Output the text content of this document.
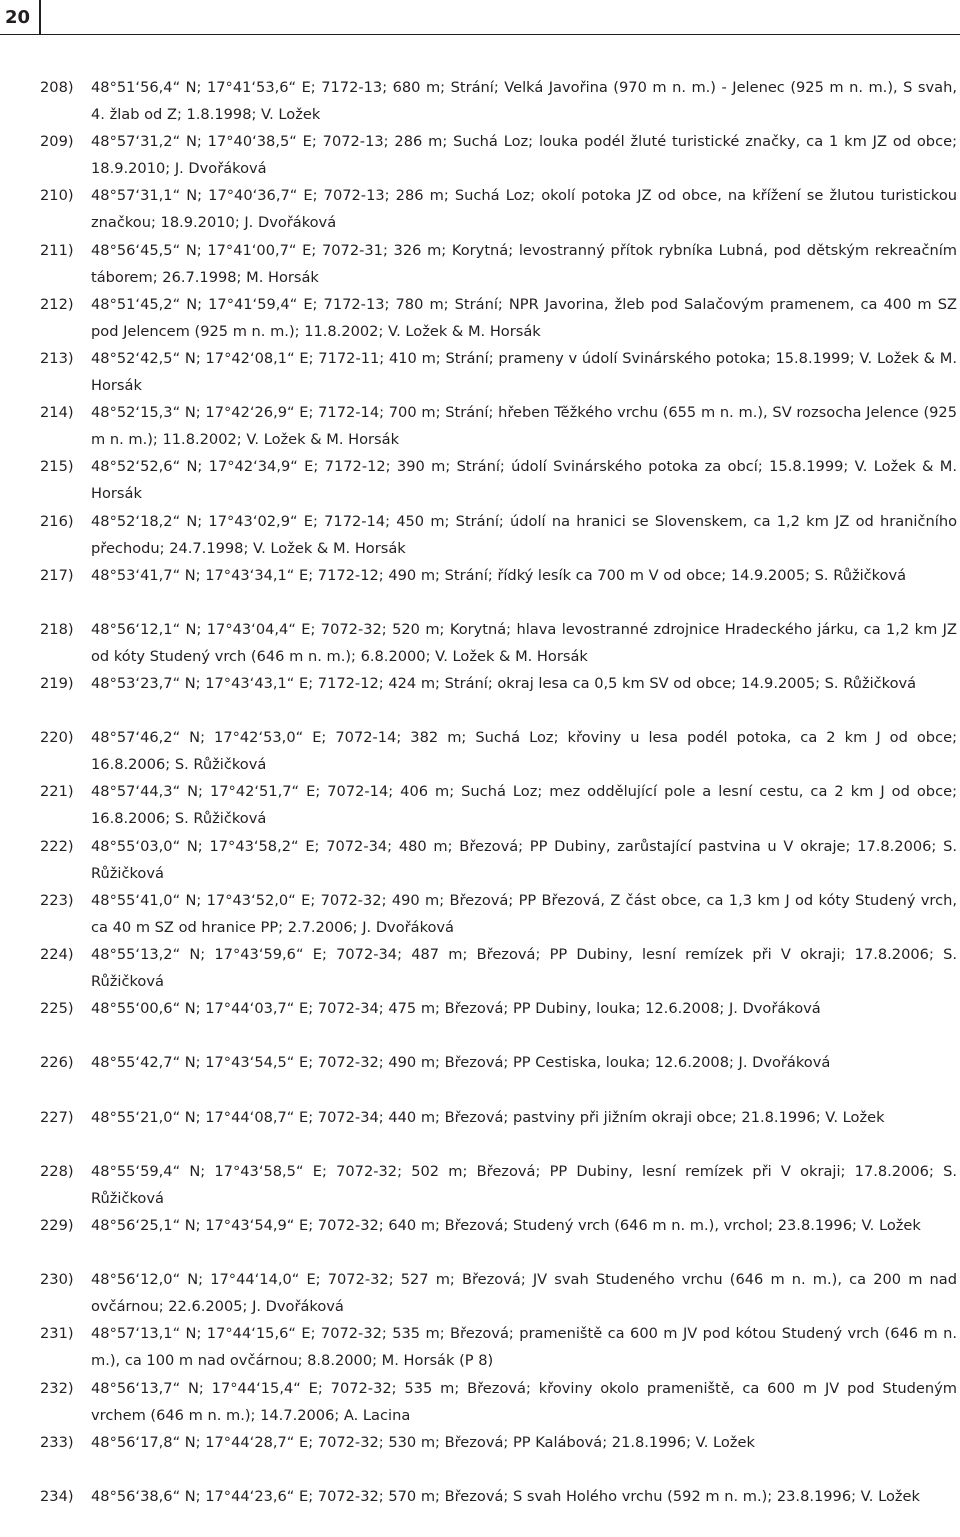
20
208)	48°51‘56,4“ N; 17°41‘53,6“ E; 7172-13; 680 m; Strání; Velká Javořina (970 m n. m.) - Jelenec (925 m n. m.), S svah, 4. žlab od Z; 1.8.1998; V. Ložek
209)	48°57‘31,2“ N; 17°40‘38,5“ E; 7072-13; 286 m; Suchá Loz; louka podél žluté turistické značky, ca 1 km JZ od obce; 18.9.2010; J. Dvořáková
210)	48°57‘31,1“ N; 17°40‘36,7“ E; 7072-13; 286 m; Suchá Loz; okolí potoka JZ od obce, na křížení se žlutou turistickou značkou; 18.9.2010; J. Dvořáková
211)	48°56‘45,5“ N; 17°41‘00,7“ E; 7072-31; 326 m; Korytná; levostranný přítok rybníka Lubná, pod dětským rekreačním táborem; 26.7.1998; M. Horsák
212)	48°51‘45,2“ N; 17°41‘59,4“ E; 7172-13; 780 m; Strání; NPR Javorina, žleb pod Salačovým pramenem, ca 400 m SZ pod Jelencem (925 m n. m.); 11.8.2002; V. Ložek & M. Horsák
213)	48°52‘42,5“ N; 17°42‘08,1“ E; 7172-11; 410 m; Strání; prameny v údolí Svinárského potoka; 15.8.1999; V. Ložek & M. Horsák
214)	48°52‘15,3“ N; 17°42‘26,9“ E; 7172-14; 700 m; Strání; hřeben Těžkého vrchu (655 m n. m.), SV rozsocha Jelence (925 m n. m.); 11.8.2002; V. Ložek & M. Horsák
215)	48°52‘52,6“ N; 17°42‘34,9“ E; 7172-12; 390 m; Strání; údolí Svinárského potoka za obcí; 15.8.1999; V. Ložek & M. Horsák
216)	48°52‘18,2“ N; 17°43‘02,9“ E; 7172-14; 450 m; Strání; údolí na hranici se Slovenskem, ca 1,2 km JZ od hraničního přechodu; 24.7.1998; V. Ložek & M. Horsák
217)	48°53‘41,7“ N; 17°43‘34,1“ E; 7172-12; 490 m; Strání; řídký lesík ca 700 m V od obce; 14.9.2005; S. Růžičková
218)	48°56‘12,1“ N; 17°43‘04,4“ E; 7072-32; 520 m; Korytná; hlava levostranné zdrojnice Hradeckého járku, ca 1,2 km JZ od kóty Studený vrch (646 m n. m.); 6.8.2000; V. Ložek & M. Horsák
219)	48°53‘23,7“ N; 17°43‘43,1“ E; 7172-12; 424 m; Strání; okraj lesa ca 0,5 km SV od obce; 14.9.2005; S. Růžičková
220)	48°57‘46,2“ N; 17°42‘53,0“ E; 7072-14; 382 m; Suchá Loz; křoviny u lesa podél potoka, ca 2 km J od obce; 16.8.2006; S. Růžičková
221)	48°57‘44,3“ N; 17°42‘51,7“ E; 7072-14; 406 m; Suchá Loz; mez oddělující pole a lesní cestu, ca 2 km J od obce; 16.8.2006; S. Růžičková
222)	48°55‘03,0“ N; 17°43‘58,2“ E; 7072-34; 480 m; Březová; PP Dubiny, zarůstající pastvina u V okraje; 17.8.2006; S. Růžičková
223)	48°55‘41,0“ N; 17°43‘52,0“ E; 7072-32; 490 m; Březová; PP Březová, Z část obce, ca 1,3 km J od kóty Studený vrch, ca 40 m SZ od hranice PP; 2.7.2006; J. Dvořáková
224)	48°55‘13,2“ N; 17°43‘59,6“ E; 7072-34; 487 m; Březová; PP Dubiny, lesní remízek při V okraji; 17.8.2006; S. Růžičková
225)	48°55‘00,6“ N; 17°44‘03,7“ E; 7072-34; 475 m; Březová; PP Dubiny, louka; 12.6.2008; J. Dvořáková
226)	48°55‘42,7“ N; 17°43‘54,5“ E; 7072-32; 490 m; Březová; PP Cestiska, louka; 12.6.2008; J. Dvořáková
227)	48°55‘21,0“ N; 17°44‘08,7“ E; 7072-34; 440 m; Březová; pastviny při jižním okraji obce; 21.8.1996; V. Ložek
228)	48°55‘59,4“ N; 17°43‘58,5“ E; 7072-32; 502 m; Březová; PP Dubiny, lesní remízek při V okraji; 17.8.2006; S. Růžičková
229)	48°56‘25,1“ N; 17°43‘54,9“ E; 7072-32; 640 m; Březová; Studený vrch (646 m n. m.), vrchol; 23.8.1996; V. Ložek
230)	48°56‘12,0“ N; 17°44‘14,0“ E; 7072-32; 527 m; Březová; JV svah Studeného vrchu (646 m n. m.), ca 200 m nad ovčárnou; 22.6.2005; J. Dvořáková
231)	48°57‘13,1“ N; 17°44‘15,6“ E; 7072-32; 535 m; Březová; prameniště ca 600 m JV pod kótou Studený vrch (646 m n. m.), ca 100 m nad ovčárnou; 8.8.2000; M. Horsák (P 8)
232)	48°56‘13,7“ N; 17°44‘15,4“ E; 7072-32; 535 m; Březová; křoviny okolo prameniště, ca 600 m JV pod Studeným vrchem (646 m n. m.); 14.7.2006; A. Lacina
233)	48°56‘17,8“ N; 17°44‘28,7“ E; 7072-32; 530 m; Březová; PP Kalábová; 21.8.1996; V. Ložek
234)	48°56‘38,6“ N; 17°44‘23,6“ E; 7072-32; 570 m; Březová; S svah Holého vrchu (592 m n. m.); 23.8.1996; V. Ložek
